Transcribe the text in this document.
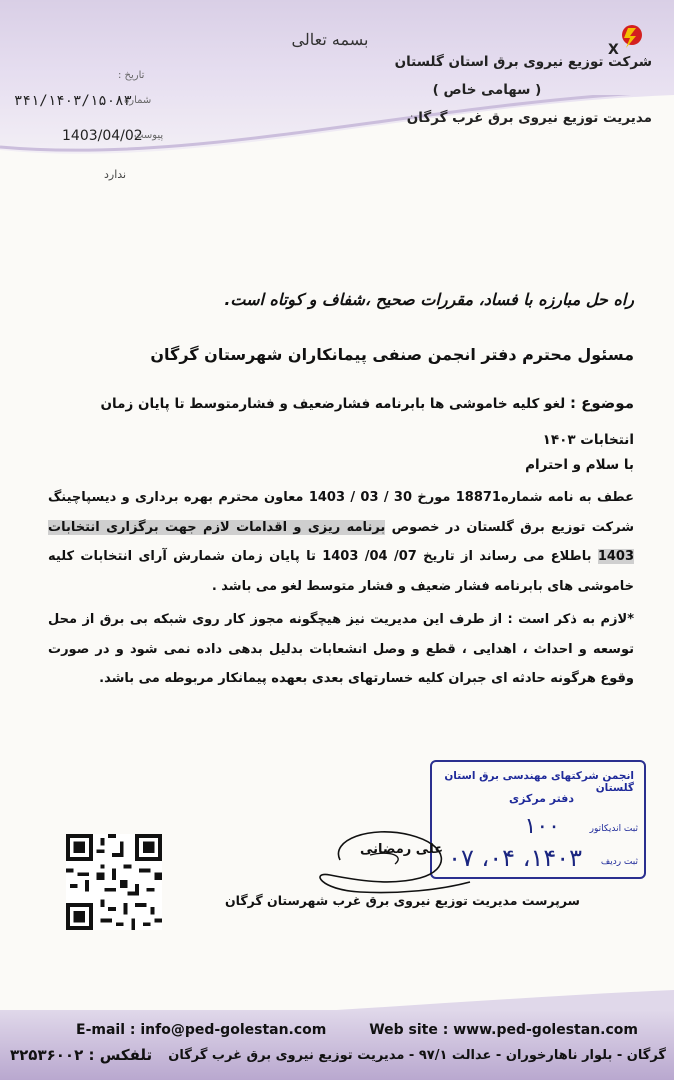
بسمه تعالی
X
شرکت توزیع نیروی برق استان گلستان
( سهامی خاص )
مدیریت توزیع نیروی برق غرب گرگان
تاریخ :
۳۴۱/۱۴۰۳/۱۵۰۸۳
شماره
1403/04/02
پیوست
ندارد
راه حل مبارزه با فساد، مقررات صحیح ،شفاف و کوتاه است.
مسئول محترم دفتر انجمن صنفی پیمانکاران شهرستان گرگان
موضوع : لغو کلیه خاموشی ها بابرنامه فشارضعیف و فشارمتوسط تا پایان زمان انتخابات ۱۴۰۳
با سلام و احترام
عطف به نامه شماره18871 مورخ 30 / 03 / 1403 معاون محترم بهره برداری و دیسپاچینگ شرکت توزیع برق گلستان در خصوص برنامه ریزی و اقدامات لازم جهت برگزاری انتخابات 1403 باطلاع می رساند از تاریخ 07/ 04/ 1403 تا پایان زمان شمارش آرای انتخابات کلیه خاموشی های بابرنامه فشار ضعیف و فشار متوسط لغو می باشد .
*لازم به ذکر است : از طرف این مدیریت نیز هیچگونه مجوز کار روی شبکه بی برق از محل توسعه و احداث ، اهدایی ، قطع و وصل انشعابات بدلیل بدهی داده نمی شود و در صورت وقوع هرگونه حادثه ای جبران کلیه خسارتهای بعدی بعهده پیمانکار مربوطه می باشد.
انجمن شرکتهای مهندسی برق استان گلستان
دفتر مرکزی
ثبت اندیکاتور
۱۰۰
ثبت ردیف
۱۴۰۳، ۰۴، ۰۷
علی رمضانی
سرپرست مدیریت توزیع نیروی برق غرب شهرستان گرگان
E-mail : info@ped-golestan.com	Web site : www.ped-golestan.com
تلفکس : ۳۲۵۳۶۰۰۲ گرگان - بلوار ناهارخوران - عدالت ۹۷/۱ - مدیریت توزیع نیروی برق غرب گرگان
